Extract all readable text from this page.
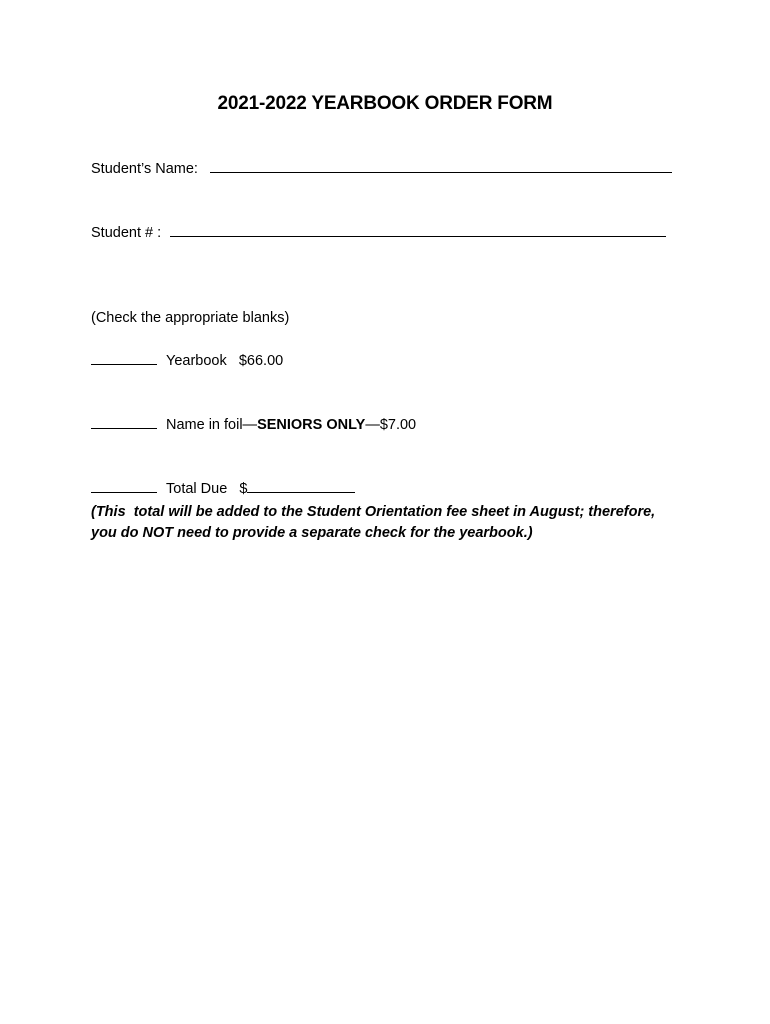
2021-2022 YEARBOOK ORDER FORM
Student’s Name:
Student # :
(Check the appropriate blanks)
Yearbook $66.00
Name in foil—SENIORS ONLY—$7.00
Total Due $
(This  total will be added to the Student Orientation fee sheet in August; therefore,
you do NOT need to provide a separate check for the yearbook.)
